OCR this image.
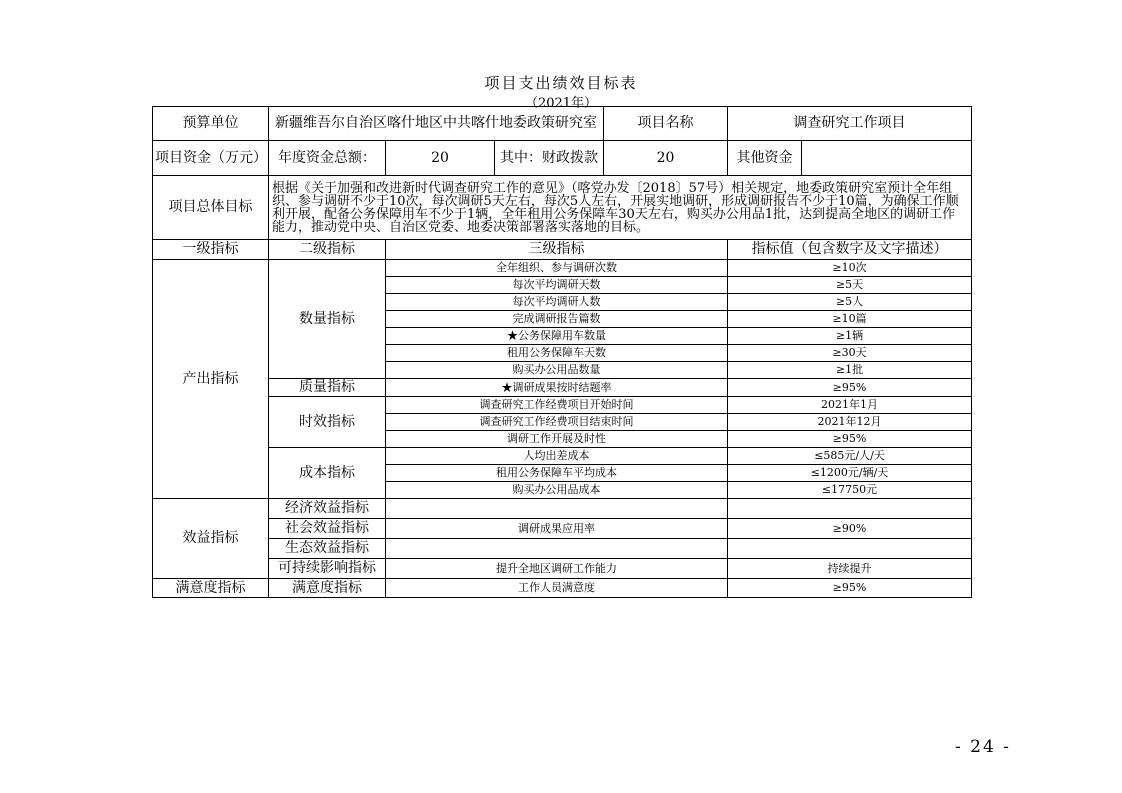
项目支出绩效目标表
（2021年）
预算单位	新疆维吾尔自治区喀什地区中共喀什地委政策研究室			项目名称	调查研究工作项目	
项目资金（万元）	年度资金总额：	20	其中：财政拨款	20	其他资金	
项目总体目标	根据《关于加强和改进新时代调查研究工作的意见》（喀党办发〔2018〕57号）相关规定，地委政策研究室预计全年组织、参与调研不少于10次，每次调研5天左右，每次5人左右，开展实地调研，形成调研报告不少于10篇，为确保工作顺利开展，配备公务保障用车不少于1辆，全年租用公务保障车30天左右，购买办公用品1批，达到提高全地区的调研工作能力，推动党中央、自治区党委、地委决策部署落实落地的目标。					
一级指标	二级指标	三级指标			指标值（包含数字及文字描述）	
产出指标	数量指标	全年组织、参与调研次数			≥10次	
		每次平均调研天数			≥5天	
		每次平均调研人数			≥5人	
		完成调研报告篇数			≥10篇	
		★公务保障用车数量			≥1辆	
		租用公务保障车天数			≥30天	
		购买办公用品数量			≥1批	
	质量指标	★调研成果按时结题率			≥95%	
	时效指标	调查研究工作经费项目开始时间			2021年1月	
		调查研究工作经费项目结束时间			2021年12月	
		调研工作开展及时性			≥95%	
	成本指标	人均出差成本			≤585元/人/天	
		租用公务保障车平均成本			≤1200元/辆/天	
		购买办公用品成本			≤17750元	
效益指标	经济效益指标					
	社会效益指标	调研成果应用率			≥90%	
	生态效益指标					
	可持续影响指标	提升全地区调研工作能力			持续提升	
满意度指标	满意度指标	工作人员满意度			≥95%	
- 24 -
